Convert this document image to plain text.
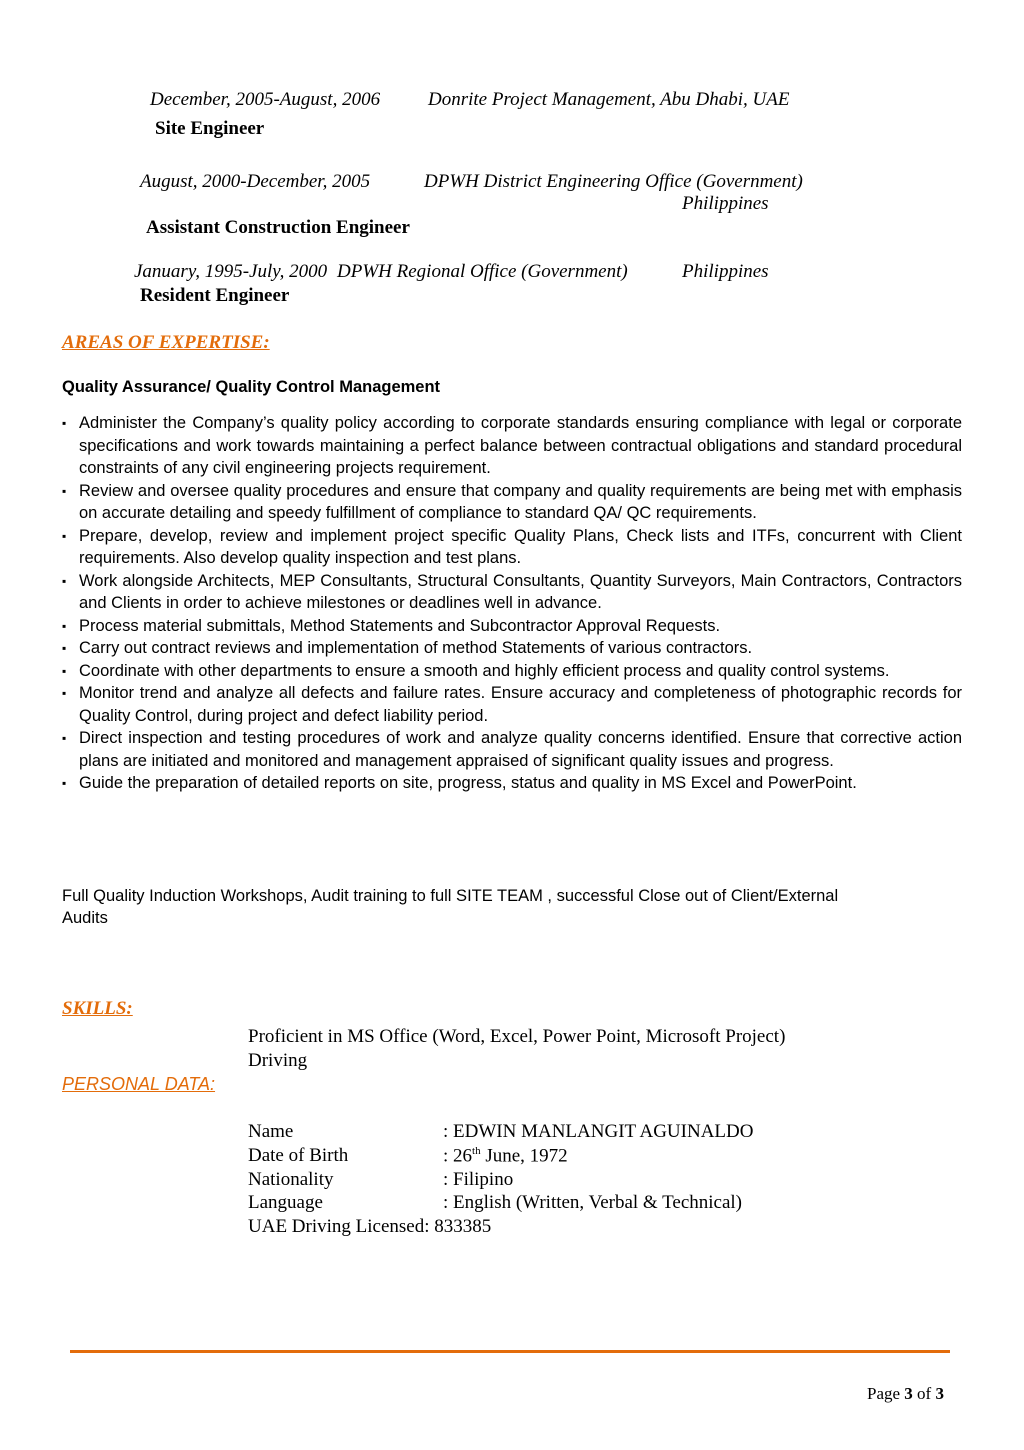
December, 2005-August, 2006	Donrite Project Management, Abu Dhabi, UAE
Site Engineer
August, 2000-December, 2005	DPWH District Engineering Office (Government)
Philippines
Assistant Construction Engineer
January, 1995-July, 2000 DPWH Regional Office (Government)	Philippines
Resident Engineer
AREAS OF EXPERTISE:
Quality Assurance/ Quality Control Management
▪ Administer the Company’s quality policy according to corporate standards ensuring compliance with legal or corporate specifications and work towards maintaining a perfect balance between contractual obligations and standard procedural constraints of any civil engineering projects requirement.
▪ Review and oversee quality procedures and ensure that company and quality requirements are being met with emphasis on accurate detailing and speedy fulfillment of compliance to standard QA/ QC requirements.
▪ Prepare, develop, review and implement project specific Quality Plans, Check lists and ITFs, concurrent with Client requirements. Also develop quality inspection and test plans.
▪ Work alongside Architects, MEP Consultants, Structural Consultants, Quantity Surveyors, Main Contractors, Contractors and Clients in order to achieve milestones or deadlines well in advance.
▪ Process material submittals, Method Statements and Subcontractor Approval Requests.
▪ Carry out contract reviews and implementation of method Statements of various contractors.
▪ Coordinate with other departments to ensure a smooth and highly efficient process and quality control systems.
▪ Monitor trend and analyze all defects and failure rates. Ensure accuracy and completeness of photographic records for Quality Control, during project and defect liability period.
▪ Direct inspection and testing procedures of work and analyze quality concerns identified. Ensure that corrective action plans are initiated and monitored and management appraised of significant quality issues and progress.
▪ Guide the preparation of detailed reports on site, progress, status and quality in MS Excel and PowerPoint.
Full Quality Induction Workshops, Audit training to full SITE TEAM , successful Close out of Client/External Audits
SKILLS:
Proficient in MS Office (Word, Excel, Power Point, Microsoft Project)
Driving
PERSONAL DATA:
Name	: EDWIN MANLANGIT AGUINALDO
Date of Birth	: 26th June, 1972
Nationality	: Filipino
Language	: English (Written, Verbal & Technical)
UAE Driving Licensed: 833385
Page 3 of 3
